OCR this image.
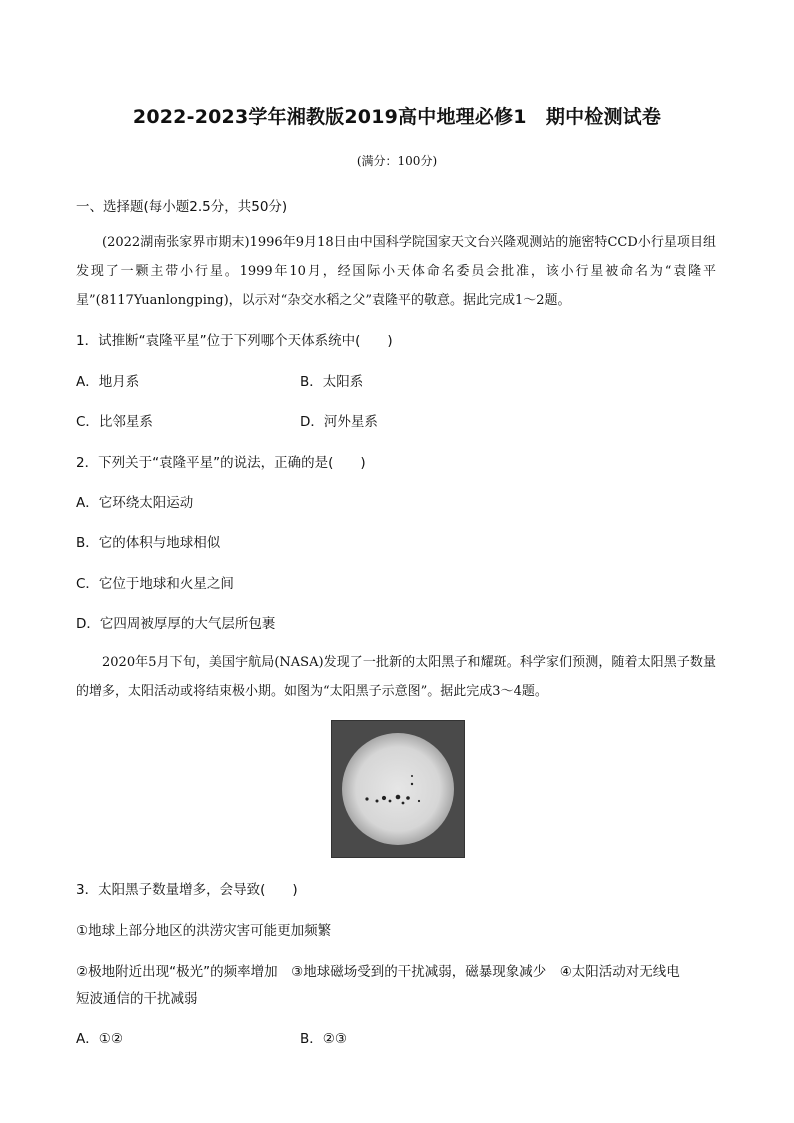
2022-2023学年湘教版2019高中地理必修1　期中检测试卷
(满分：100分)
一、选择题(每小题2.5分，共50分)
(2022湖南张家界市期末)1996年9月18日由中国科学院国家天文台兴隆观测站的施密特CCD小行星项目组发现了一颗主带小行星。1999年10月，经国际小天体命名委员会批准，该小行星被命名为“袁隆平星”(8117Yuanlongping)，以示对“杂交水稻之父”袁隆平的敬意。据此完成1～2题。
1．试推断“袁隆平星”位于下列哪个天体系统中(　　)
A．地月系	B．太阳系
C．比邻星系	D．河外星系
2．下列关于“袁隆平星”的说法，正确的是(　　)
A．它环绕太阳运动
B．它的体积与地球相似
C．它位于地球和火星之间
D．它四周被厚厚的大气层所包裹
2020年5月下旬，美国宇航局(NASA)发现了一批新的太阳黑子和耀斑。科学家们预测，随着太阳黑子数量的增多，太阳活动或将结束极小期。如图为“太阳黑子示意图”。据此完成3～4题。
3．太阳黑子数量增多，会导致(　　)
①地球上部分地区的洪涝灾害可能更加频繁
②极地附近出现“极光”的频率增加　③地球磁场受到的干扰减弱，磁暴现象减少　④太阳活动对无线电
短波通信的干扰减弱
A．①②	B．②③
